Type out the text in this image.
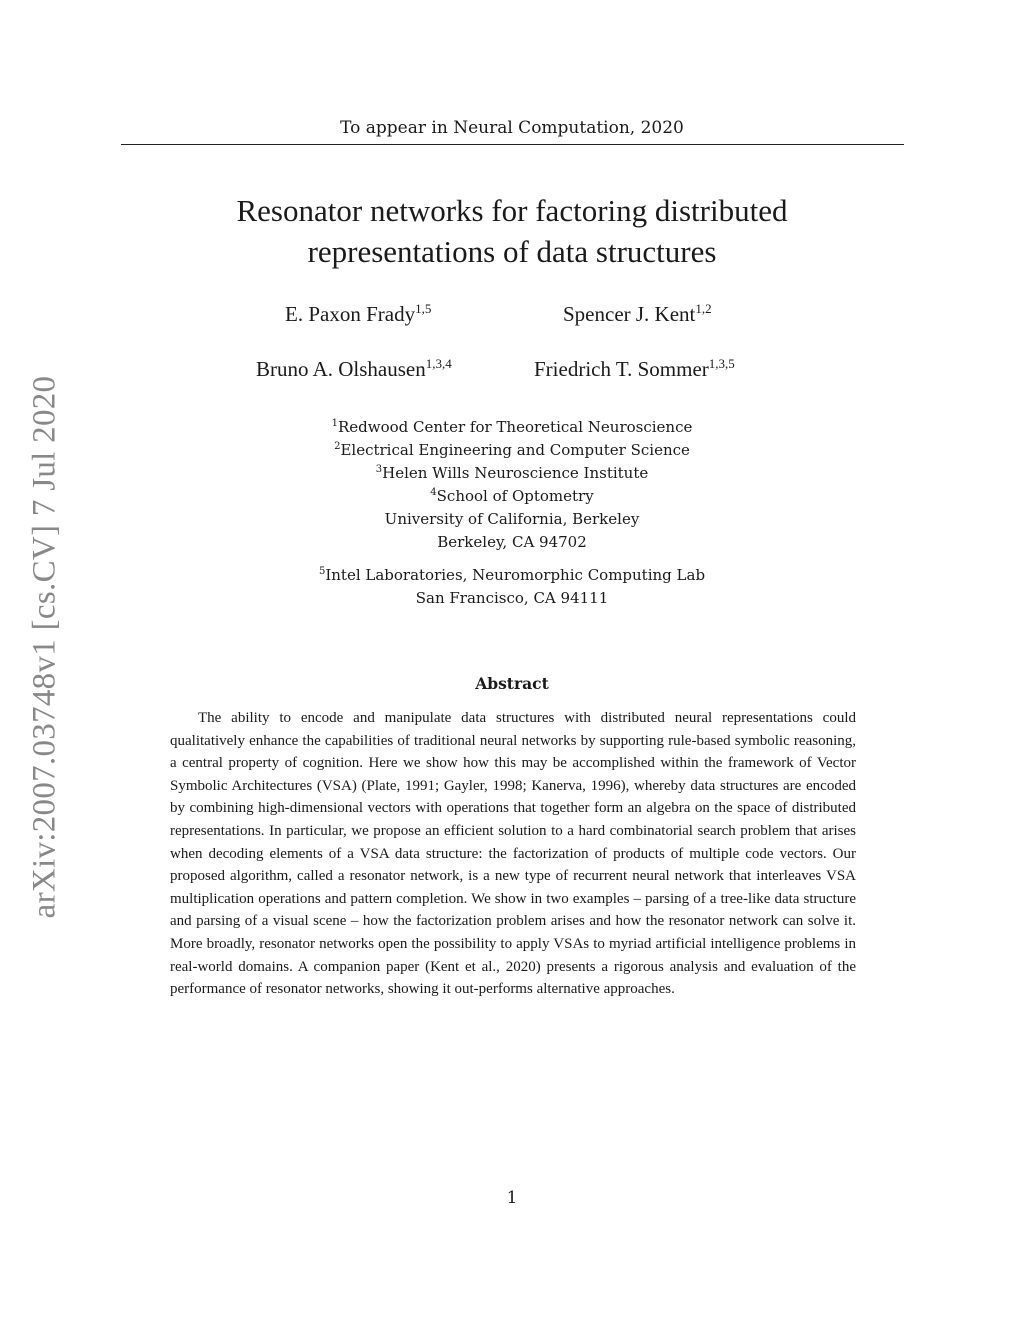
To appear in Neural Computation, 2020
Resonator networks for factoring distributed
representations of data structures
E. Paxon Frady$^{1,5}$	Spencer J. Kent$^{1,2}$
Bruno A. Olshausen$^{1,3,4}$	Friedrich T. Sommer$^{1,3,5}$
$^1$Redwood Center for Theoretical Neuroscience
$^2$Electrical Engineering and Computer Science
$^3$Helen Wills Neuroscience Institute
$^4$School of Optometry
University of California, Berkeley
Berkeley, CA 94702
$^5$Intel Laboratories, Neuromorphic Computing Lab
San Francisco, CA 94111
Abstract
The ability to encode and manipulate data structures with distributed neural representations could qualitatively enhance the capabilities of traditional neural networks by supporting rule-based symbolic reasoning, a central property of cognition. Here we show how this may be accomplished within the framework of Vector Symbolic Architectures (VSA) (Plate, 1991; Gayler, 1998; Kanerva, 1996), whereby data structures are encoded by combining high-dimensional vectors with operations that together form an algebra on the space of distributed representations. In particular, we propose an efficient solution to a hard combinatorial search problem that arises when decoding elements of a VSA data structure: the factorization of products of multiple code vectors. Our proposed algorithm, called a resonator network, is a new type of recurrent neural network that interleaves VSA multiplication operations and pattern completion. We show in two examples – parsing of a tree-like data structure and parsing of a visual scene – how the factorization problem arises and how the resonator network can solve it. More broadly, resonator networks open the possibility to apply VSAs to myriad artificial intelligence problems in real-world domains. A companion paper (Kent et al., 2020) presents a rigorous analysis and evaluation of the performance of resonator networks, showing it out-performs alternative approaches.
1
arXiv:2007.03748v1 [cs.CV] 7 Jul 2020
